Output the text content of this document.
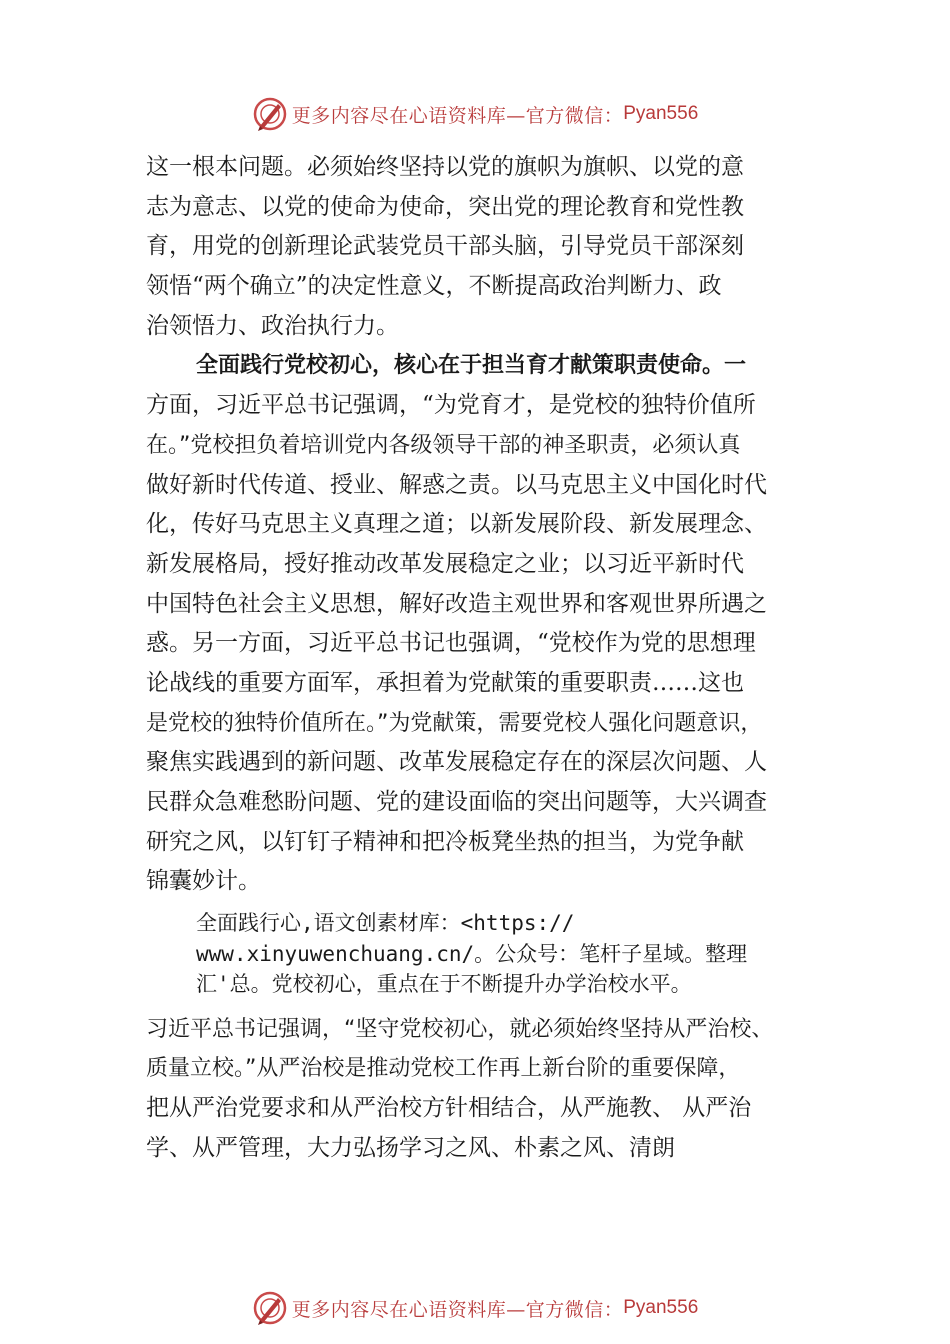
更多内容尽在心语资料库—官方微信： Pyan556
这一根本问题。必须始终坚持以党的旗帜为旗帜、以党的意
志为意志、以党的使命为使命，突出党的理论教育和党性教
育，用党的创新理论武装党员干部头脑，引导党员干部深刻
领悟“两个确立”的决定性意义，不断提高政治判断力、政
治领悟力、政治执行力。
全面践行党校初心，核心在于担当育才献策职责使命。一
方面，习近平总书记强调，“为党育才，是党校的独特价值所
在。”党校担负着培训党内各级领导干部的神圣职责，必须认真
做好新时代传道、授业、解惑之责。以马克思主义中国化时代
化，传好马克思主义真理之道；以新发展阶段、新发展理念、
新发展格局，授好推动改革发展稳定之业；以习近平新时代
中国特色社会主义思想，解好改造主观世界和客观世界所遇之
惑。另一方面，习近平总书记也强调，“党校作为党的思想理
论战线的重要方面军，承担着为党献策的重要职责……这也
是党校的独特价值所在。”为党献策，需要党校人强化问题意识，
聚焦实践遇到的新问题、改革发展稳定存在的深层次问题、人
民群众急难愁盼问题、党的建设面临的突出问题等，大兴调查
研究之风，以钉钉子精神和把冷板凳坐热的担当，为党争献
锦囊妙计。
全面践行心,语文创素材库：<https://
www.xinyuwenchuang.cn/。公众号：笔杆子星域。整理
汇'总。党校初心，重点在于不断提升办学治校水平。
习近平总书记强调，“坚守党校初心，就必须始终坚持从严治校、
质量立校。”从严治校是推动党校工作再上新台阶的重要保障，
把从严治党要求和从严治校方针相结合，从严施教、 从严治
学、从严管理，大力弘扬学习之风、朴素之风、清朗
更多内容尽在心语资料库—官方微信： Pyan556
